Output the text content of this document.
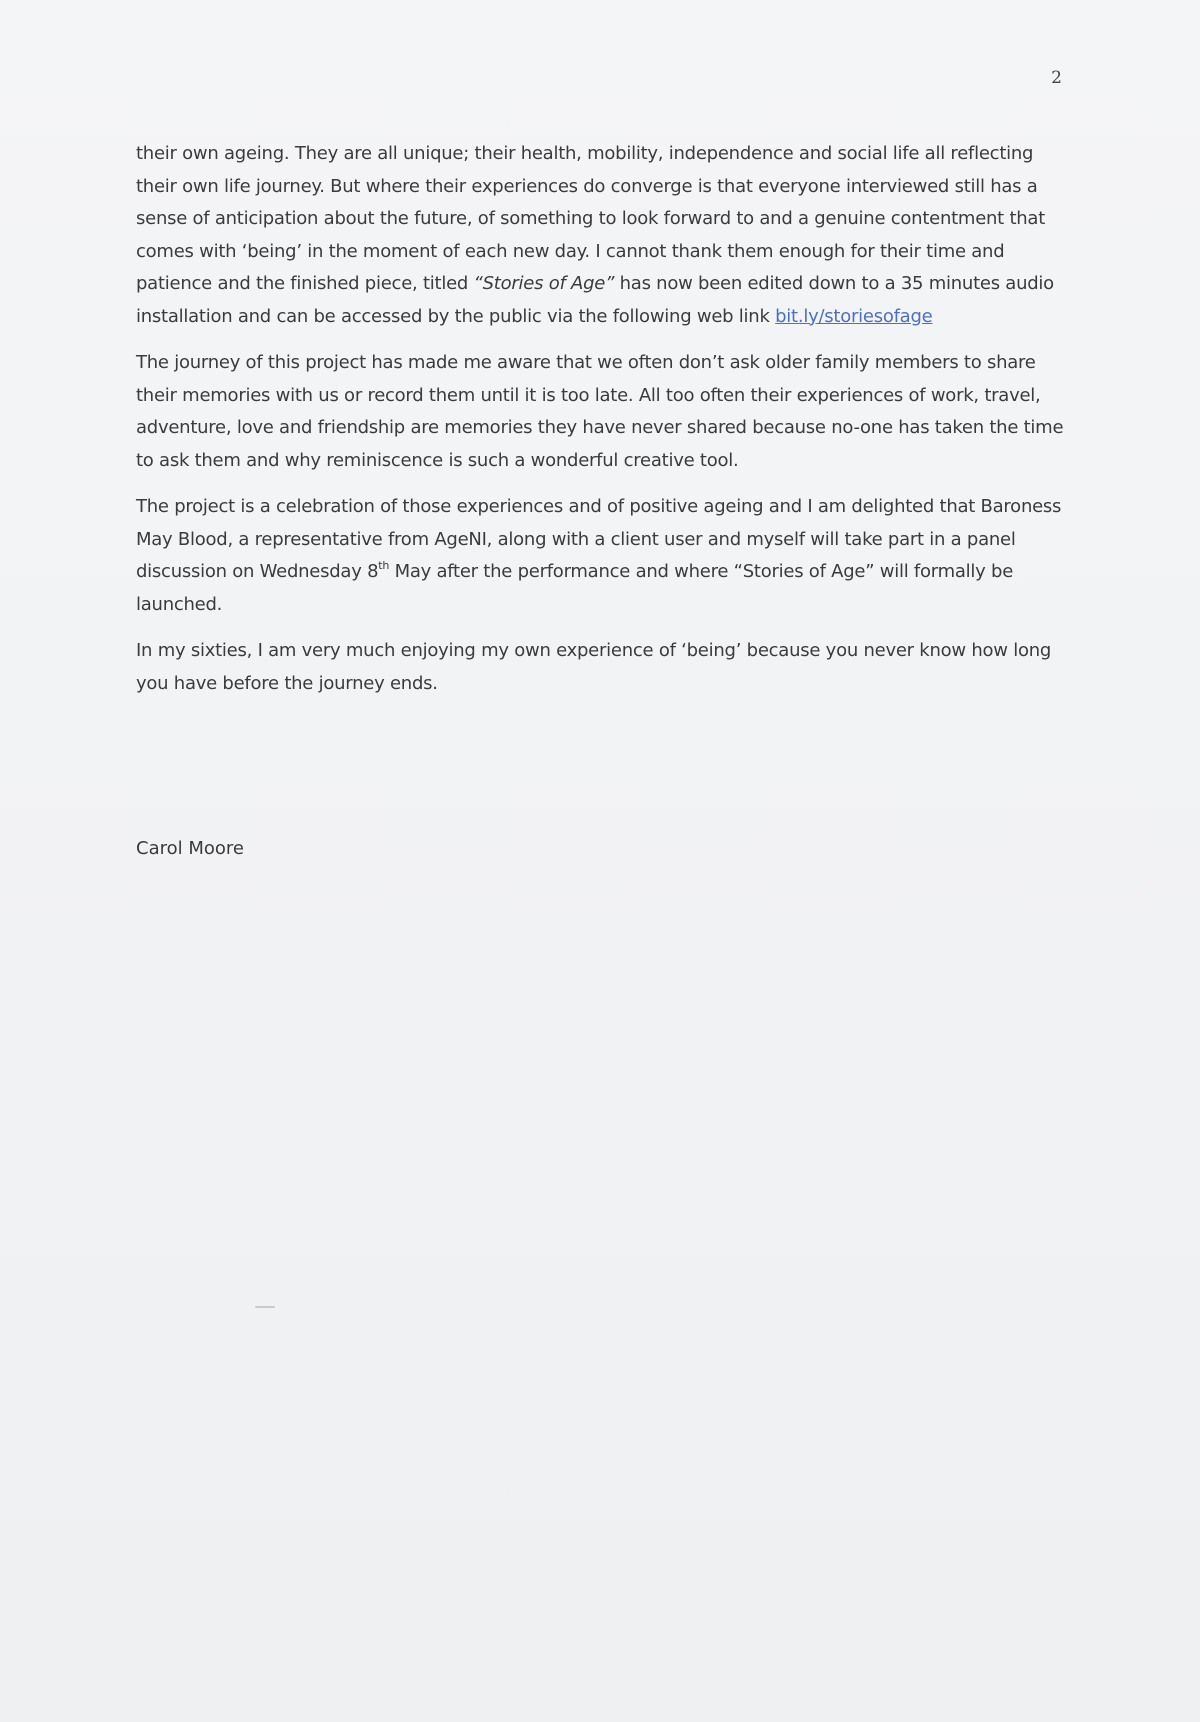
2

their own ageing. They are all unique; their health, mobility, independence and social life all reflecting their own life journey. But where their experiences do converge is that everyone interviewed still has a sense of anticipation about the future, of something to look forward to and a genuine contentment that comes with ‘being’ in the moment of each new day. I cannot thank them enough for their time and patience and the finished piece, titled “Stories of Age” has now been edited down to a 35 minutes audio installation and can be accessed by the public via the following web link bit.ly/storiesofage

The journey of this project has made me aware that we often don’t ask older family members to share their memories with us or record them until it is too late. All too often their experiences of work, travel, adventure, love and friendship are memories they have never shared because no-one has taken the time to ask them and why reminiscence is such a wonderful creative tool.

The project is a celebration of those experiences and of positive ageing and I am delighted that Baroness May Blood, a representative from AgeNI, along with a client user and myself will take part in a panel discussion on Wednesday 8th May after the performance and where “Stories of Age” will formally be launched.

In my sixties, I am very much enjoying my own experience of ‘being’ because you never know how long you have before the journey ends.

Carol Moore
